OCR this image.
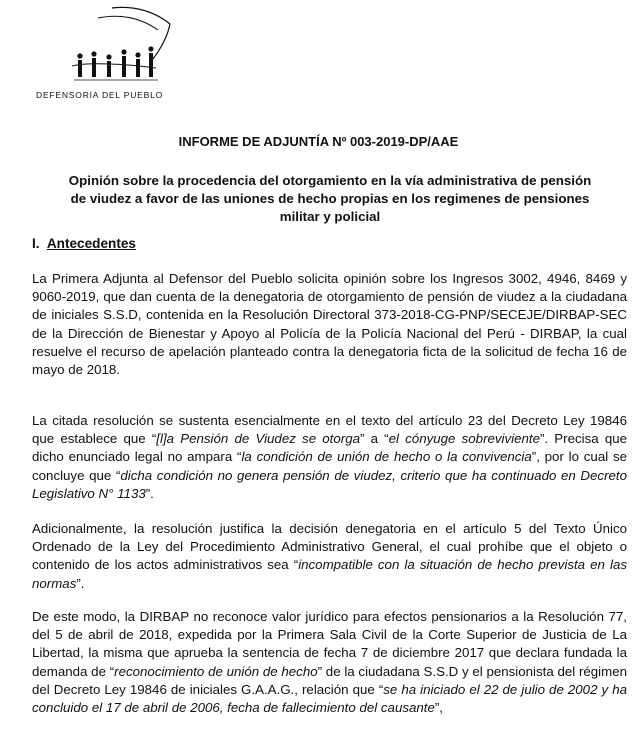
DEFENSORIA DEL PUEBLO
INFORME DE ADJUNTÍA Nº 003-2019-DP/AAE
Opinión sobre la procedencia del otorgamiento en la vía administrativa de pensión de viudez a favor de las uniones de hecho propias en los regimenes de pensiones militar y policial
I. Antecedentes

La Primera Adjunta al Defensor del Pueblo solicita opinión sobre los Ingresos 3002, 4946, 8469 y 9060-2019, que dan cuenta de la denegatoria de otorgamiento de pensión de viudez a la ciudadana de iniciales S.S.D, contenida en la Resolución Directoral 373-2018-CG-PNP/SECEJE/DIRBAP-SEC de la Dirección de Bienestar y Apoyo al Policía de la Policía Nacional del Perú - DIRBAP, la cual resuelve el recurso de apelación planteado contra la denegatoria ficta de la solicitud de fecha 16 de mayo de 2018.

La citada resolución se sustenta esencialmente en el texto del artículo 23 del Decreto Ley 19846 que establece que “[l]a Pensión de Viudez se otorga” a “el cónyuge sobreviviente”. Precisa que dicho enunciado legal no ampara “la condición de unión de hecho o la convivencia”, por lo cual se concluye que “dicha condición no genera pensión de viudez, criterio que ha continuado en Decreto Legislativo N° 1133”.

Adicionalmente, la resolución justifica la decisión denegatoria en el artículo 5 del Texto Único Ordenado de la Ley del Procedimiento Administrativo General, el cual prohíbe que el objeto o contenido de los actos administrativos sea “incompatible con la situación de hecho prevista en las normas”.

De este modo, la DIRBAP no reconoce valor jurídico para efectos pensionarios a la Resolución 77, del 5 de abril de 2018, expedida por la Primera Sala Civil de la Corte Superior de Justicia de La Libertad, la misma que aprueba la sentencia de fecha 7 de diciembre 2017 que declara fundada la demanda de “reconocimiento de unión de hecho” de la ciudadana S.S.D y el pensionista del régimen del Decreto Ley 19846 de iniciales G.A.A.G., relación que “se ha iniciado el 22 de julio de 2002 y ha concluido el 17 de abril de 2006, fecha de fallecimiento del causante”,
